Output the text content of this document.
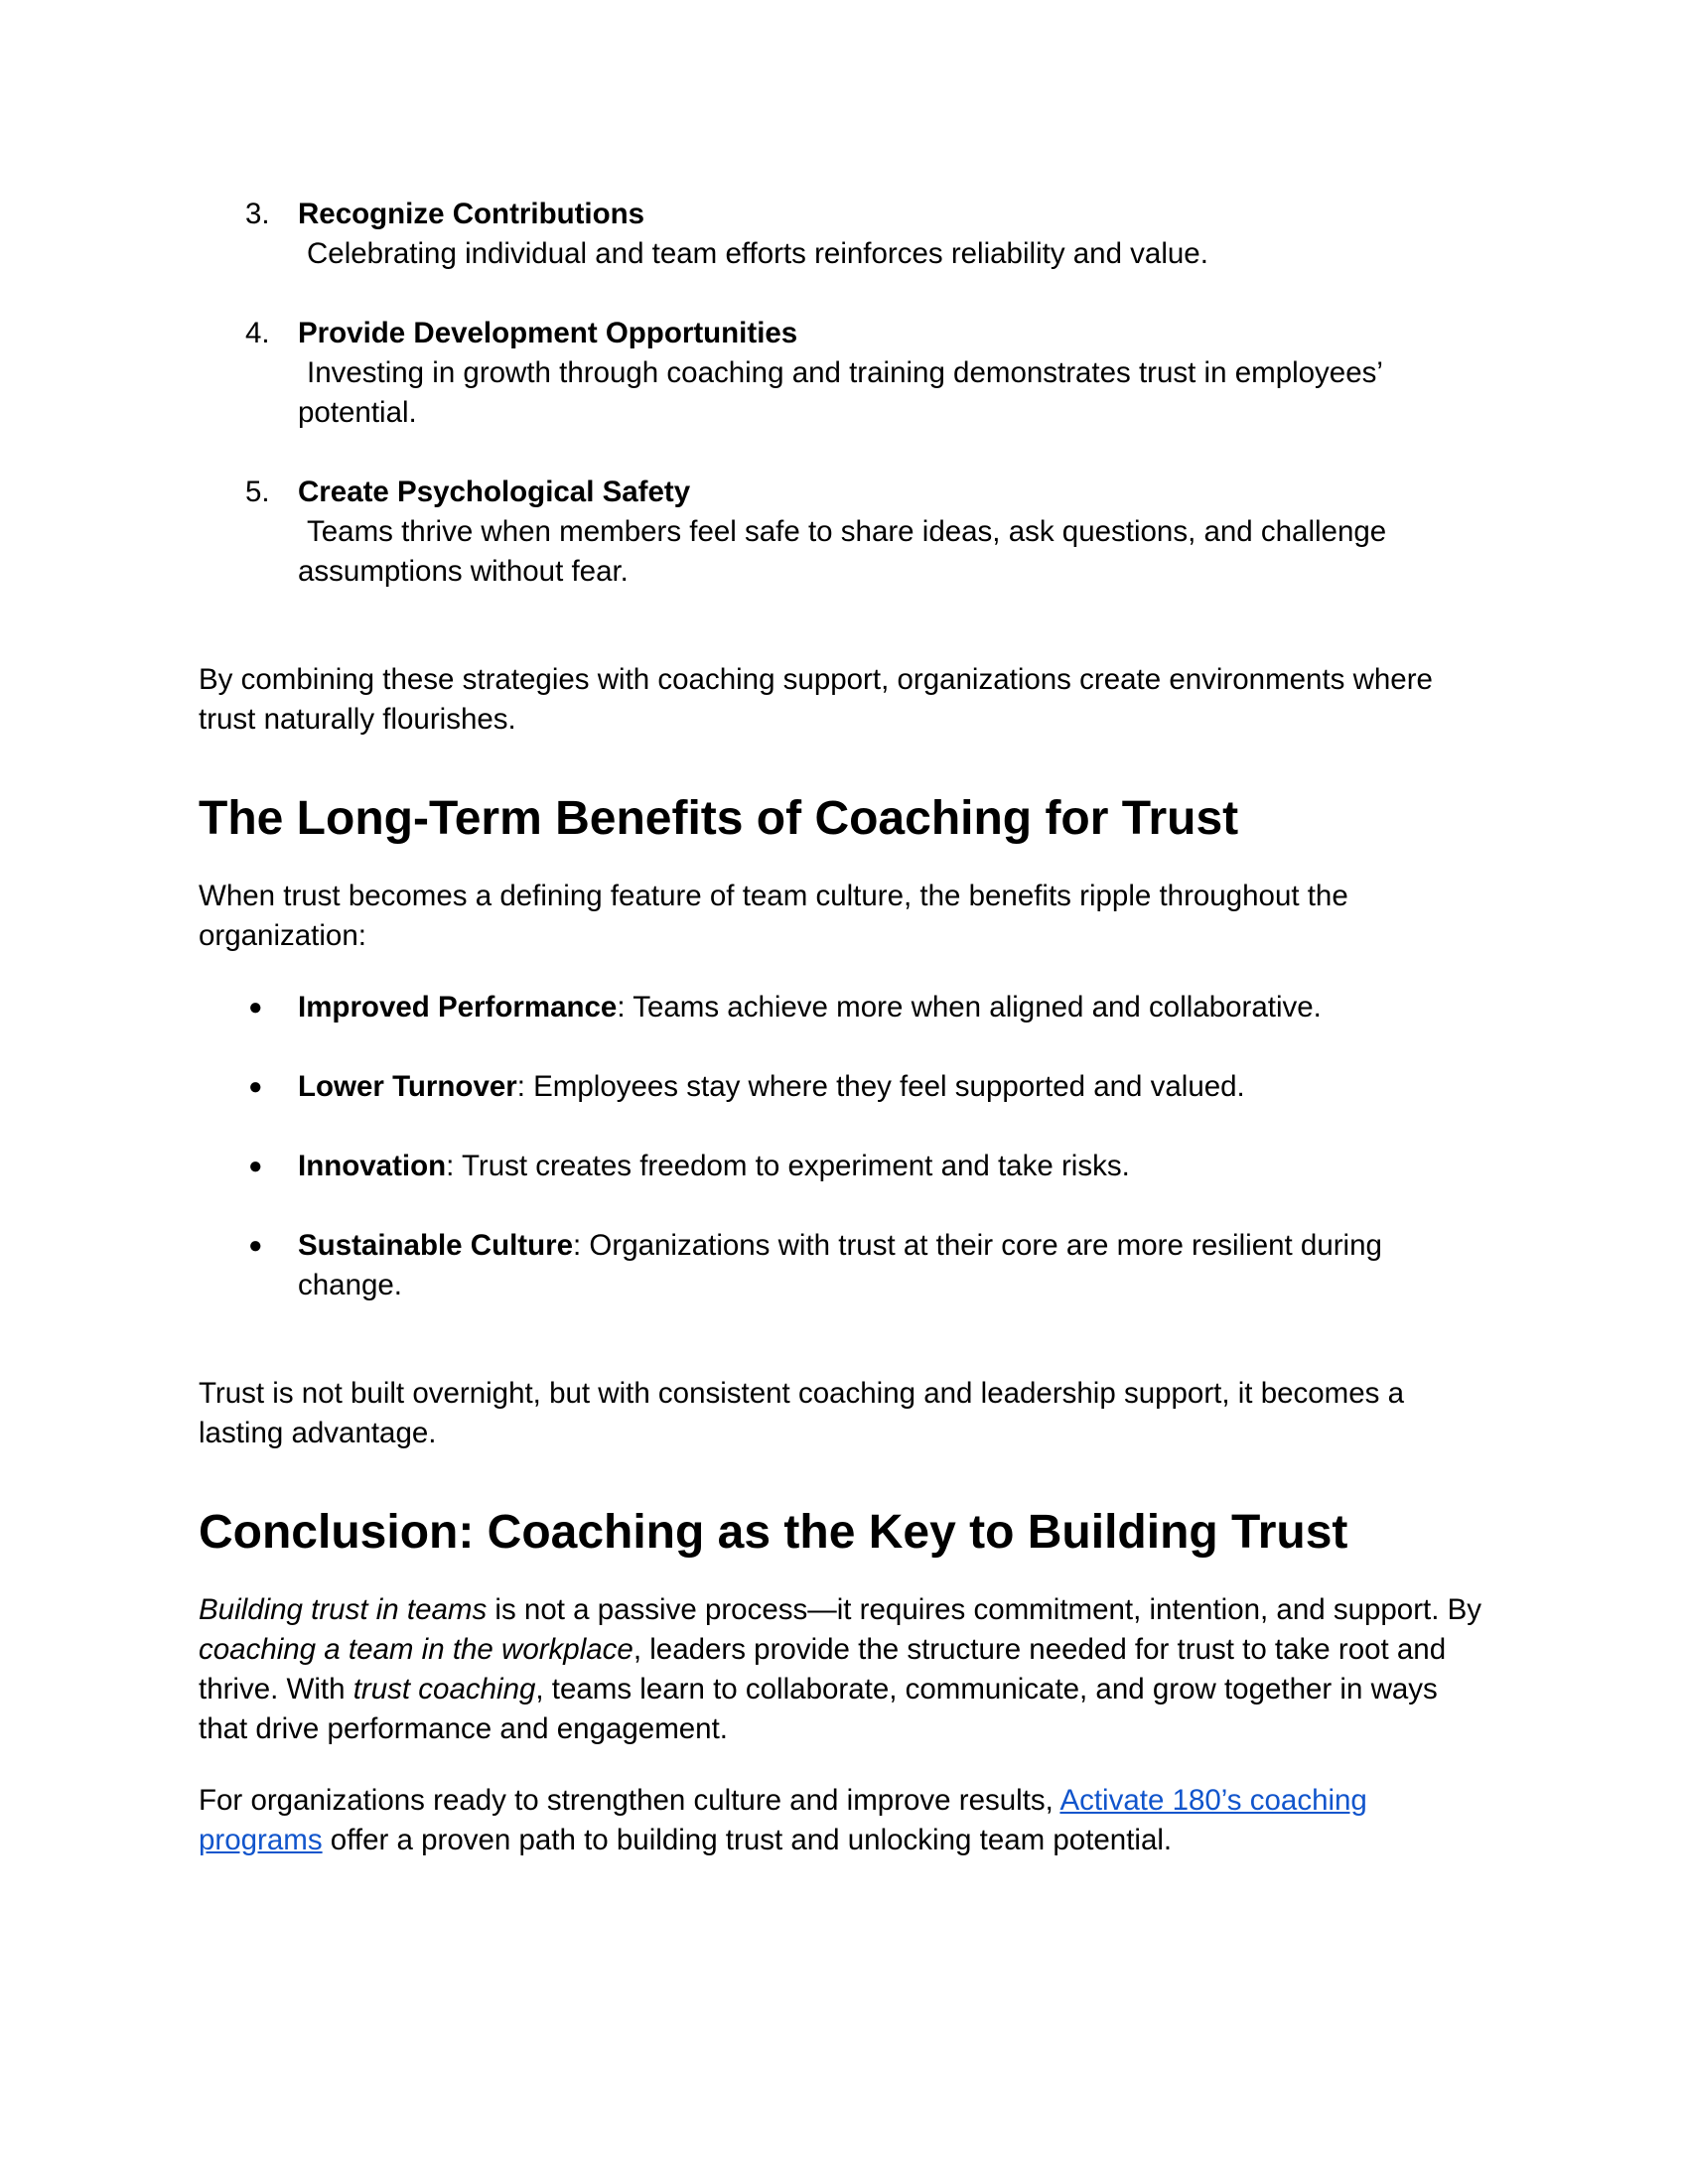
3. Recognize Contributions
Celebrating individual and team efforts reinforces reliability and value.
4. Provide Development Opportunities
Investing in growth through coaching and training demonstrates trust in employees’
potential.
5. Create Psychological Safety
Teams thrive when members feel safe to share ideas, ask questions, and challenge
assumptions without fear.

By combining these strategies with coaching support, organizations create environments where trust naturally flourishes.

The Long-Term Benefits of Coaching for Trust

When trust becomes a defining feature of team culture, the benefits ripple throughout the organization:

● Improved Performance: Teams achieve more when aligned and collaborative.
● Lower Turnover: Employees stay where they feel supported and valued.
● Innovation: Trust creates freedom to experiment and take risks.
● Sustainable Culture: Organizations with trust at their core are more resilient during change.

Trust is not built overnight, but with consistent coaching and leadership support, it becomes a lasting advantage.

Conclusion: Coaching as the Key to Building Trust

Building trust in teams is not a passive process—it requires commitment, intention, and support. By coaching a team in the workplace, leaders provide the structure needed for trust to take root and thrive. With trust coaching, teams learn to collaborate, communicate, and grow together in ways that drive performance and engagement.

For organizations ready to strengthen culture and improve results, Activate 180’s coaching programs offer a proven path to building trust and unlocking team potential.
